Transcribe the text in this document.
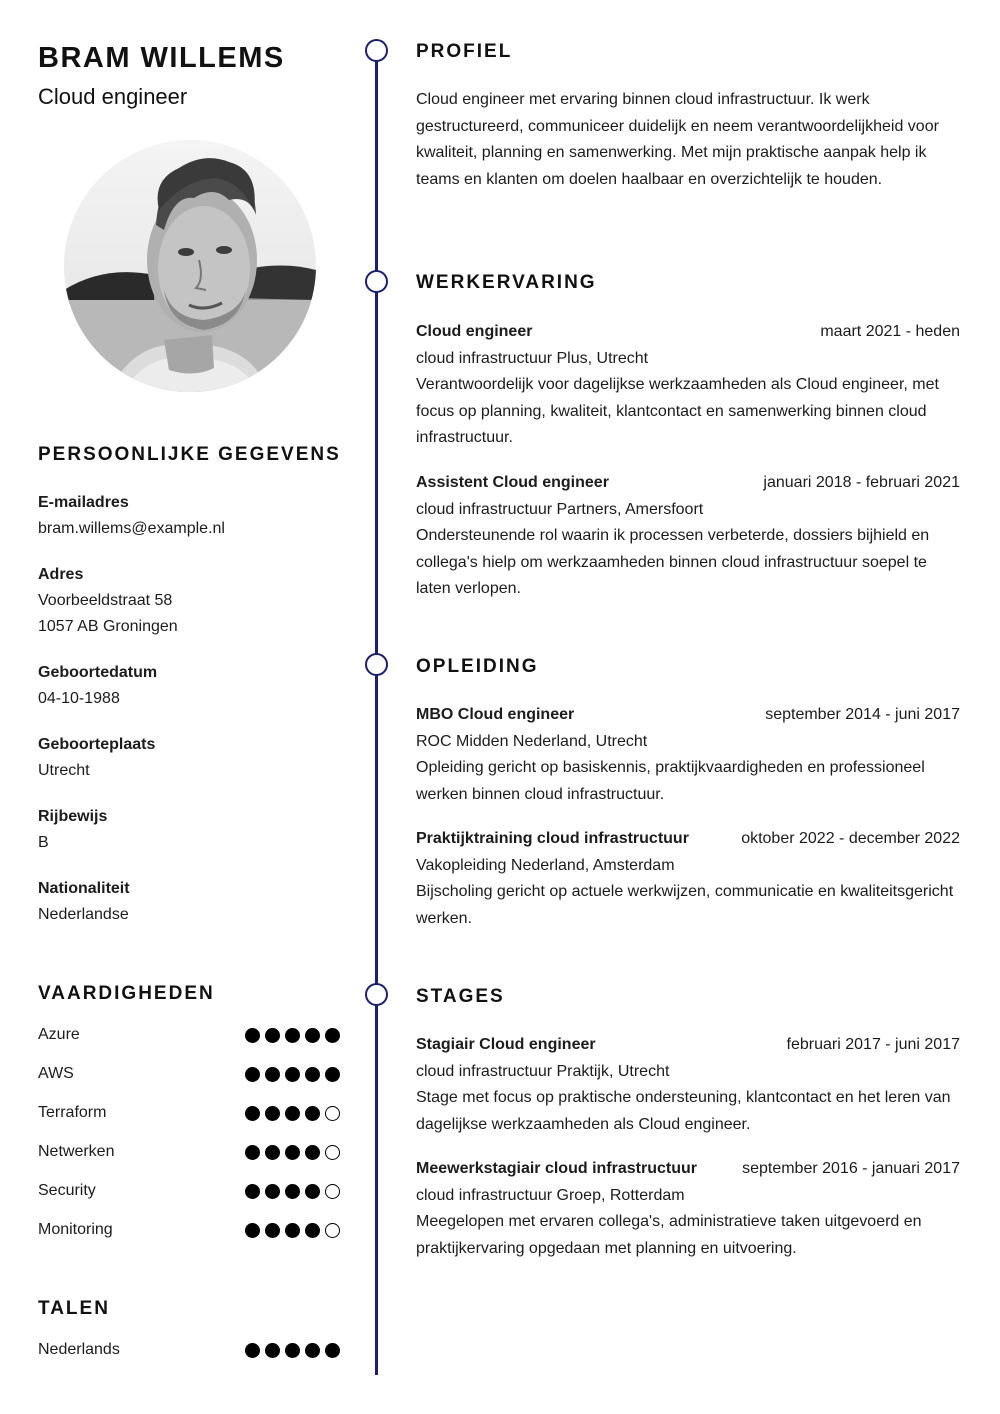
BRAM WILLEMS
Cloud engineer
PERSOONLIJKE GEGEVENS
E-mailadres
bram.willems@example.nl
Adres
Voorbeeldstraat 58
1057 AB Groningen
Geboortedatum
04-10-1988
Geboorteplaats
Utrecht
Rijbewijs
B
Nationaliteit
Nederlandse
VAARDIGHEDEN
Azure
AWS
Terraform
Netwerken
Security
Monitoring
TALEN
Nederlands
PROFIEL
Cloud engineer met ervaring binnen cloud infrastructuur. Ik werk gestructureerd, communiceer duidelijk en neem verantwoordelijkheid voor kwaliteit, planning en samenwerking. Met mijn praktische aanpak help ik teams en klanten om doelen haalbaar en overzichtelijk te houden.
WERKERVARING
Cloud engineer	maart 2021 - heden
cloud infrastructuur Plus, Utrecht
Verantwoordelijk voor dagelijkse werkzaamheden als Cloud engineer, met focus op planning, kwaliteit, klantcontact en samenwerking binnen cloud infrastructuur.
Assistent Cloud engineer	januari 2018 - februari 2021
cloud infrastructuur Partners, Amersfoort
Ondersteunende rol waarin ik processen verbeterde, dossiers bijhield en collega's hielp om werkzaamheden binnen cloud infrastructuur soepel te laten verlopen.
OPLEIDING
MBO Cloud engineer	september 2014 - juni 2017
ROC Midden Nederland, Utrecht
Opleiding gericht op basiskennis, praktijkvaardigheden en professioneel werken binnen cloud infrastructuur.
Praktijktraining cloud infrastructuur	oktober 2022 - december 2022
Vakopleiding Nederland, Amsterdam
Bijscholing gericht op actuele werkwijzen, communicatie en kwaliteitsgericht werken.
STAGES
Stagiair Cloud engineer	februari 2017 - juni 2017
cloud infrastructuur Praktijk, Utrecht
Stage met focus op praktische ondersteuning, klantcontact en het leren van dagelijkse werkzaamheden als Cloud engineer.
Meewerkstagiair cloud infrastructuur	september 2016 - januari 2017
cloud infrastructuur Groep, Rotterdam
Meegelopen met ervaren collega's, administratieve taken uitgevoerd en praktijkervaring opgedaan met planning en uitvoering.
